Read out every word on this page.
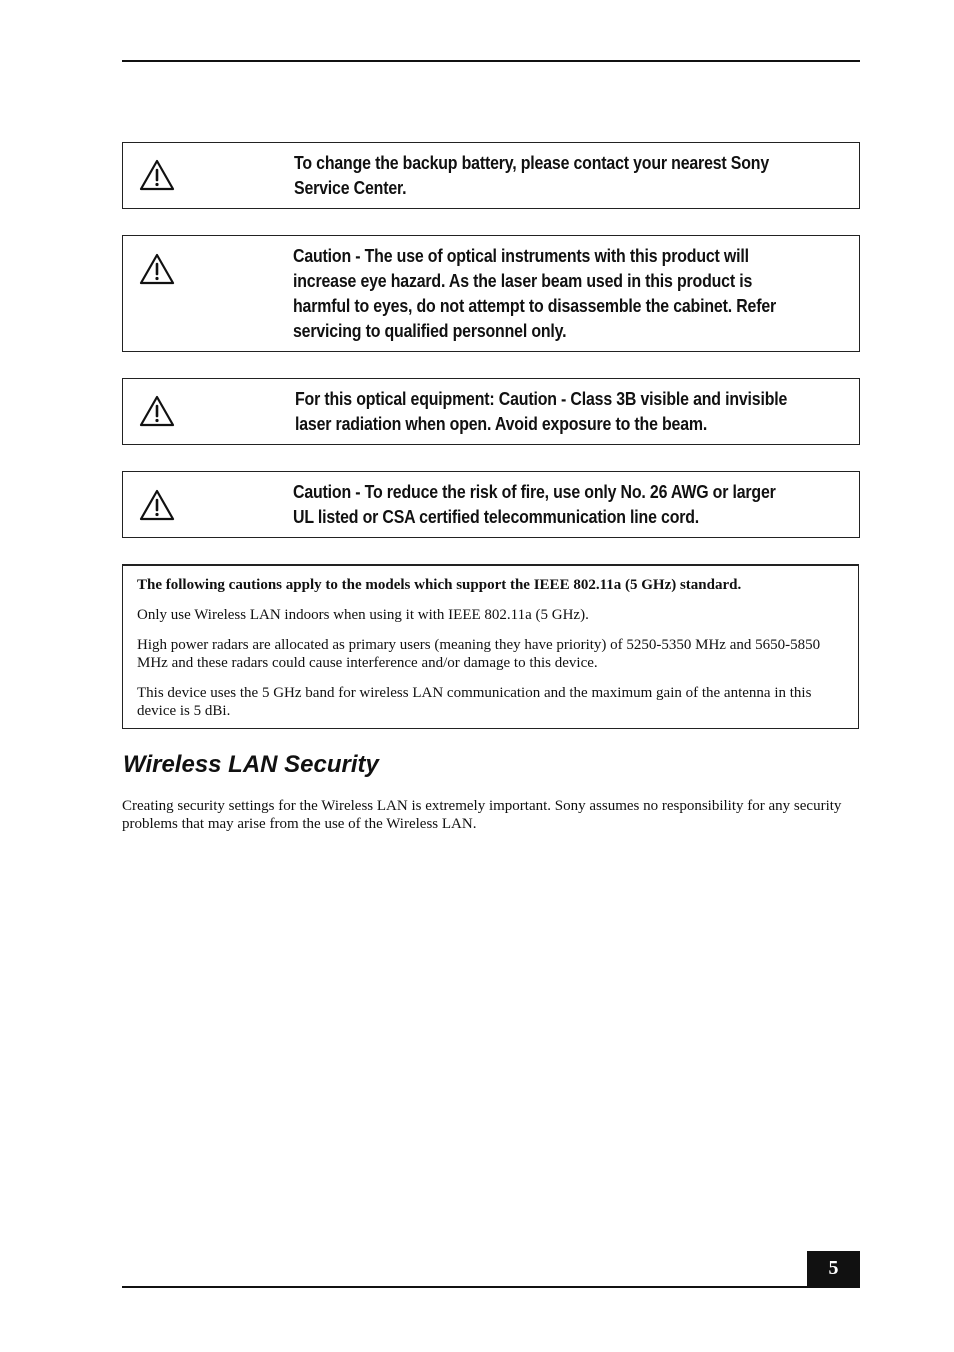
To change the backup battery, please contact your nearest Sony
Service Center.
Caution - The use of optical instruments with this product will
increase eye hazard. As the laser beam used in this product is
harmful to eyes, do not attempt to disassemble the cabinet. Refer
servicing to qualified personnel only.
For this optical equipment: Caution - Class 3B visible and invisible
laser radiation when open. Avoid exposure to the beam.
Caution - To reduce the risk of fire, use only No. 26 AWG or larger
UL listed or CSA certified telecommunication line cord.

The following cautions apply to the models which support the IEEE 802.11a (5 GHz) standard.

Only use Wireless LAN indoors when using it with IEEE 802.11a (5 GHz).

High power radars are allocated as primary users (meaning they have priority) of 5250-5350 MHz and 5650-5850 MHz and these radars could cause interference and/or damage to this device.

This device uses the 5 GHz band for wireless LAN communication and the maximum gain of the antenna in this device is 5 dBi.

Wireless LAN Security

Creating security settings for the Wireless LAN is extremely important. Sony assumes no responsibility for any security problems that may arise from the use of the Wireless LAN.

5
